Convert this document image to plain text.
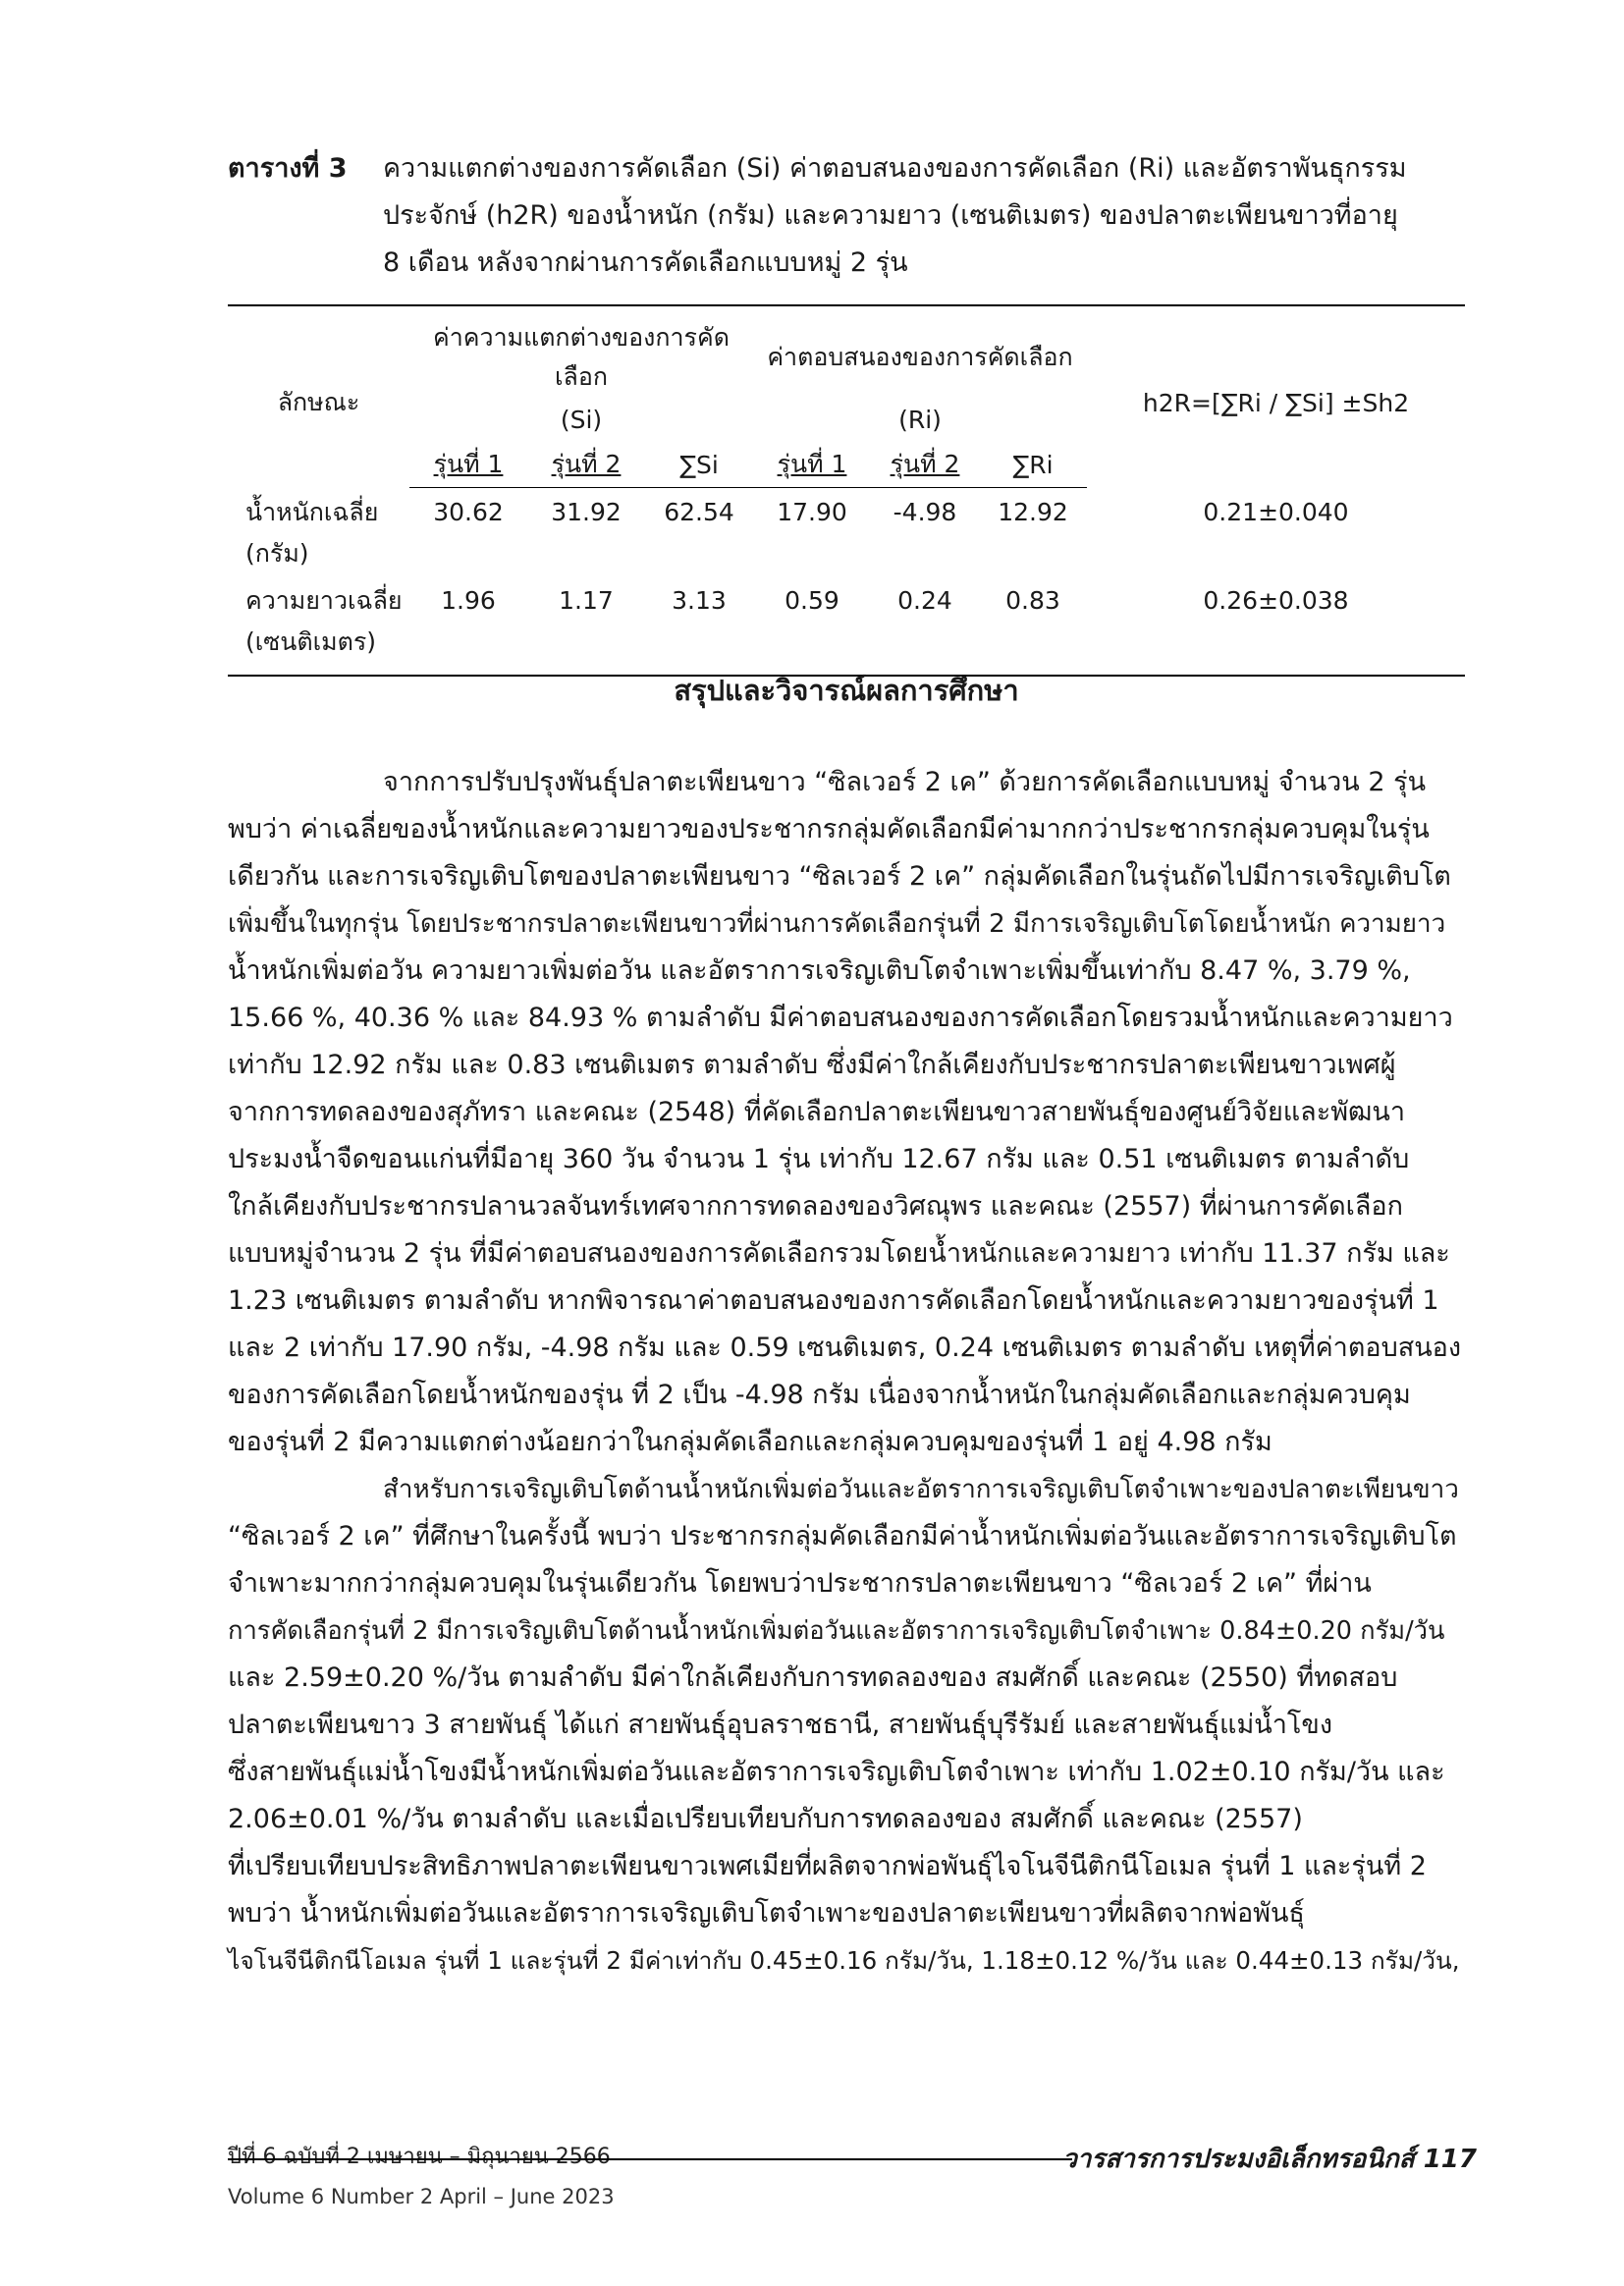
ตารางที่ 3 ความแตกต่างของการคัดเลือก (Si) ค่าตอบสนองของการคัดเลือก (Ri) และอัตราพันธุกรรม
ประจักษ์ (h2R) ของน้ำหนัก (กรัม) และความยาว (เซนติเมตร) ของปลาตะเพียนขาวที่อายุ
8 เดือน หลังจากผ่านการคัดเลือกแบบหมู่ 2 รุ่น
ลักษณะ	ค่าความแตกต่างของการคัดเลือก			ค่าตอบสนองของการคัดเลือก			h2R=[∑Ri / ∑Si] ±Sh2
	(Si)			(Ri)			
	รุ่นที่ 1	รุ่นที่ 2	∑Si	รุ่นที่ 1	รุ่นที่ 2	∑Ri	
น้ำหนักเฉลี่ย
(กรัม)	30.62	31.92	62.54	17.90	-4.98	12.92	0.21±0.040
ความยาวเฉลี่ย
(เซนติเมตร)	1.96	1.17	3.13	0.59	0.24	0.83	0.26±0.038
สรุปและวิจารณ์ผลการศึกษา
จากการปรับปรุงพันธุ์ปลาตะเพียนขาว “ซิลเวอร์ 2 เค” ด้วยการคัดเลือกแบบหมู่ จำนวน 2 รุ่น
พบว่า ค่าเฉลี่ยของน้ำหนักและความยาวของประชากรกลุ่มคัดเลือกมีค่ามากกว่าประชากรกลุ่มควบคุมในรุ่น
เดียวกัน และการเจริญเติบโตของปลาตะเพียนขาว “ซิลเวอร์ 2 เค” กลุ่มคัดเลือกในรุ่นถัดไปมีการเจริญเติบโต
เพิ่มขึ้นในทุกรุ่น โดยประชากรปลาตะเพียนขาวที่ผ่านการคัดเลือกรุ่นที่ 2 มีการเจริญเติบโตโดยน้ำหนัก ความยาว
น้ำหนักเพิ่มต่อวัน ความยาวเพิ่มต่อวัน และอัตราการเจริญเติบโตจำเพาะเพิ่มขึ้นเท่ากับ 8.47 %, 3.79 %,
15.66 %, 40.36 % และ 84.93 % ตามลำดับ มีค่าตอบสนองของการคัดเลือกโดยรวมน้ำหนักและความยาว
เท่ากับ 12.92 กรัม และ 0.83 เซนติเมตร ตามลำดับ ซึ่งมีค่าใกล้เคียงกับประชากรปลาตะเพียนขาวเพศผู้
จากการทดลองของสุภัทรา และคณะ (2548) ที่คัดเลือกปลาตะเพียนขาวสายพันธุ์ของศูนย์วิจัยและพัฒนา
ประมงน้ำจืดขอนแก่นที่มีอายุ 360 วัน จำนวน 1 รุ่น เท่ากับ 12.67 กรัม และ 0.51 เซนติเมตร ตามลำดับ
ใกล้เคียงกับประชากรปลานวลจันทร์เทศจากการทดลองของวิศณุพร และคณะ (2557) ที่ผ่านการคัดเลือก
แบบหมู่จำนวน 2 รุ่น ที่มีค่าตอบสนองของการคัดเลือกรวมโดยน้ำหนักและความยาว เท่ากับ 11.37 กรัม และ
1.23 เซนติเมตร ตามลำดับ หากพิจารณาค่าตอบสนองของการคัดเลือกโดยน้ำหนักและความยาวของรุ่นที่ 1
และ 2 เท่ากับ 17.90 กรัม, -4.98 กรัม และ 0.59 เซนติเมตร, 0.24 เซนติเมตร ตามลำดับ เหตุที่ค่าตอบสนอง
ของการคัดเลือกโดยน้ำหนักของรุ่น ที่ 2 เป็น -4.98 กรัม เนื่องจากน้ำหนักในกลุ่มคัดเลือกและกลุ่มควบคุม
ของรุ่นที่ 2 มีความแตกต่างน้อยกว่าในกลุ่มคัดเลือกและกลุ่มควบคุมของรุ่นที่ 1 อยู่ 4.98 กรัม
สำหรับการเจริญเติบโตด้านน้ำหนักเพิ่มต่อวันและอัตราการเจริญเติบโตจำเพาะของปลาตะเพียนขาว
“ซิลเวอร์ 2 เค” ที่ศึกษาในครั้งนี้ พบว่า ประชากรกลุ่มคัดเลือกมีค่าน้ำหนักเพิ่มต่อวันและอัตราการเจริญเติบโต
จำเพาะมากกว่ากลุ่มควบคุมในรุ่นเดียวกัน โดยพบว่าประชากรปลาตะเพียนขาว “ซิลเวอร์ 2 เค” ที่ผ่าน
การคัดเลือกรุ่นที่ 2 มีการเจริญเติบโตด้านน้ำหนักเพิ่มต่อวันและอัตราการเจริญเติบโตจำเพาะ 0.84±0.20 กรัม/วัน
และ 2.59±0.20 %/วัน ตามลำดับ มีค่าใกล้เคียงกับการทดลองของ สมศักดิ์ และคณะ (2550) ที่ทดสอบ
ปลาตะเพียนขาว 3 สายพันธุ์ ได้แก่ สายพันธุ์อุบลราชธานี, สายพันธุ์บุรีรัมย์ และสายพันธุ์แม่น้ำโขง
ซึ่งสายพันธุ์แม่น้ำโขงมีน้ำหนักเพิ่มต่อวันและอัตราการเจริญเติบโตจำเพาะ เท่ากับ 1.02±0.10 กรัม/วัน และ
2.06±0.01 %/วัน ตามลำดับ และเมื่อเปรียบเทียบกับการทดลองของ สมศักดิ์ และคณะ (2557)
ที่เปรียบเทียบประสิทธิภาพปลาตะเพียนขาวเพศเมียที่ผลิตจากพ่อพันธุ์ไจโนจีนีติกนีโอเมล รุ่นที่ 1 และรุ่นที่ 2
พบว่า น้ำหนักเพิ่มต่อวันและอัตราการเจริญเติบโตจำเพาะของปลาตะเพียนขาวที่ผลิตจากพ่อพันธุ์
ไจโนจีนีติกนีโอเมล รุ่นที่ 1 และรุ่นที่ 2 มีค่าเท่ากับ 0.45±0.16 กรัม/วัน, 1.18±0.12 %/วัน และ 0.44±0.13 กรัม/วัน,
ปีที่ 6 ฉบับที่ 2 เมษายน – มิถุนายน 2566
Volume 6 Number 2 April – June 2023
วารสารการประมงอิเล็กทรอนิกส์ 117
